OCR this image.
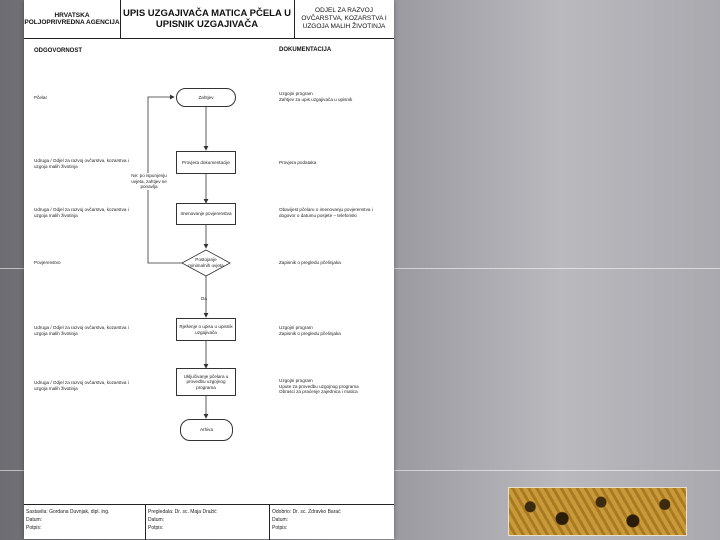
HRVATSKA POLJOPRIVREDNA AGENCIJA
UPIS UZGAJIVAČA MATICA PČELA U UPISNIK UZGAJIVAČA
ODJEL ZA RAZVOJ OVČARSTVA, KOZARSTVA I UZGOJA MALIH ŽIVOTINJA
ODGOVORNOST	DOKUMENTACIJA
Pčelar
Udruga / Odjel za razvoj ovčarstva, kozarstva i uzgoja malih životinja
Udruga / Odjel za razvoj ovčarstva, kozarstva i uzgoja malih životinja
Povjerenstvo
Udruga / Odjel za razvoj ovčarstva, kozarstva i uzgoja malih životinja
Udruga / Odjel za razvoj ovčarstva, kozarstva i uzgoja malih životinja
Uzgojni program
Zahtjev za upis uzgajivača u upisnik
Provjera podataka
Obavijest pčelaru o imenovanju povjerenstva i
dogovor o datumu posjete – telefonski
Zapisnik o pregledu pčelinjaka
Uzgojni program
Zapisnik o pregledu pčelinjaka
Uzgojni program
Upute za provedbu uzgojnog programa
Obrasci za praćenje zajednica i matica
Zahtjev
Provjera dokumentacije
Imenovanje povjerenstva
Postojanje minimalnih uvjeta
Rješenje o upisu u upisnik uzgajivača
Uključivanje pčelara u provedbu uzgojnog programa
Arhiva
Ne: po ispunjenju uvjeta, zahtjev se ponavlja
Da
Sastavila: Gordana Duvnjak, dipl. ing.
Datum:
Potpis:
Pregledala: Dr. sc. Maja Dražić
Datum:
Potpis:
Odobrio: Dr. sc. Zdravko Barać
Datum:
Potpis:
